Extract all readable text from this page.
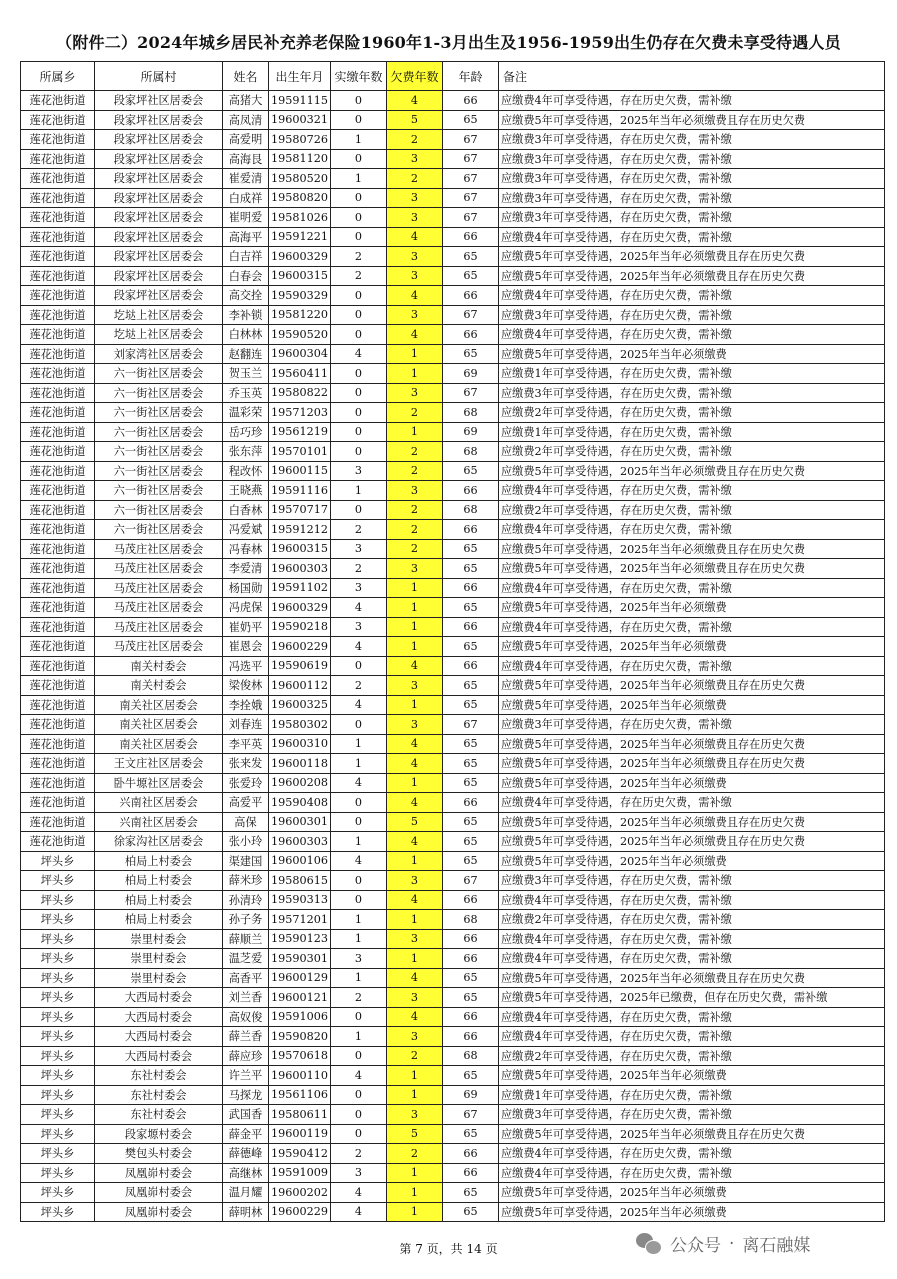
（附件二）2024年城乡居民补充养老保险1960年1-3月出生及1956-1959出生仍存在欠费未享受待遇人员
所属乡	所属村	姓名	出生年月	实缴年数	欠费年数	年龄	备注
莲花池街道	段家坪社区居委会	高猪大	19591115	0	4	66	应缴费4年可享受待遇，存在历史欠费，需补缴
莲花池街道	段家坪社区居委会	高凤清	19600321	0	5	65	应缴费5年可享受待遇，2025年当年必须缴费且存在历史欠费
莲花池街道	段家坪社区居委会	高爱明	19580726	1	2	67	应缴费3年可享受待遇，存在历史欠费，需补缴
莲花池街道	段家坪社区居委会	高海艮	19581120	0	3	67	应缴费3年可享受待遇，存在历史欠费，需补缴
莲花池街道	段家坪社区居委会	崔爱清	19580520	1	2	67	应缴费3年可享受待遇，存在历史欠费，需补缴
莲花池街道	段家坪社区居委会	白成祥	19580820	0	3	67	应缴费3年可享受待遇，存在历史欠费，需补缴
莲花池街道	段家坪社区居委会	崔明爱	19581026	0	3	67	应缴费3年可享受待遇，存在历史欠费，需补缴
莲花池街道	段家坪社区居委会	高海平	19591221	0	4	66	应缴费4年可享受待遇，存在历史欠费，需补缴
莲花池街道	段家坪社区居委会	白吉祥	19600329	2	3	65	应缴费5年可享受待遇，2025年当年必须缴费且存在历史欠费
莲花池街道	段家坪社区居委会	白春会	19600315	2	3	65	应缴费5年可享受待遇，2025年当年必须缴费且存在历史欠费
莲花池街道	段家坪社区居委会	高交拴	19590329	0	4	66	应缴费4年可享受待遇，存在历史欠费，需补缴
莲花池街道	圪垯上社区居委会	李补锁	19581220	0	3	67	应缴费3年可享受待遇，存在历史欠费，需补缴
莲花池街道	圪垯上社区居委会	白林林	19590520	0	4	66	应缴费4年可享受待遇，存在历史欠费，需补缴
莲花池街道	刘家湾社区居委会	赵翻连	19600304	4	1	65	应缴费5年可享受待遇，2025年当年必须缴费
莲花池街道	六一街社区居委会	贺玉兰	19560411	0	1	69	应缴费1年可享受待遇，存在历史欠费，需补缴
莲花池街道	六一街社区居委会	乔玉英	19580822	0	3	67	应缴费3年可享受待遇，存在历史欠费，需补缴
莲花池街道	六一街社区居委会	温彩荣	19571203	0	2	68	应缴费2年可享受待遇，存在历史欠费，需补缴
莲花池街道	六一街社区居委会	岳巧珍	19561219	0	1	69	应缴费1年可享受待遇，存在历史欠费，需补缴
莲花池街道	六一街社区居委会	张东萍	19570101	0	2	68	应缴费2年可享受待遇，存在历史欠费，需补缴
莲花池街道	六一街社区居委会	程改怀	19600115	3	2	65	应缴费5年可享受待遇，2025年当年必须缴费且存在历史欠费
莲花池街道	六一街社区居委会	王晓燕	19591116	1	3	66	应缴费4年可享受待遇，存在历史欠费，需补缴
莲花池街道	六一街社区居委会	白香林	19570717	0	2	68	应缴费2年可享受待遇，存在历史欠费，需补缴
莲花池街道	六一街社区居委会	冯爱斌	19591212	2	2	66	应缴费4年可享受待遇，存在历史欠费，需补缴
莲花池街道	马茂庄社区居委会	冯春林	19600315	3	2	65	应缴费5年可享受待遇，2025年当年必须缴费且存在历史欠费
莲花池街道	马茂庄社区居委会	李爱清	19600303	2	3	65	应缴费5年可享受待遇，2025年当年必须缴费且存在历史欠费
莲花池街道	马茂庄社区居委会	杨国勋	19591102	3	1	66	应缴费4年可享受待遇，存在历史欠费，需补缴
莲花池街道	马茂庄社区居委会	冯虎保	19600329	4	1	65	应缴费5年可享受待遇，2025年当年必须缴费
莲花池街道	马茂庄社区居委会	崔奶平	19590218	3	1	66	应缴费4年可享受待遇，存在历史欠费，需补缴
莲花池街道	马茂庄社区居委会	崔恩会	19600229	4	1	65	应缴费5年可享受待遇，2025年当年必须缴费
莲花池街道	南关村委会	冯选平	19590619	0	4	66	应缴费4年可享受待遇，存在历史欠费，需补缴
莲花池街道	南关村委会	梁俊林	19600112	2	3	65	应缴费5年可享受待遇，2025年当年必须缴费且存在历史欠费
莲花池街道	南关社区居委会	李拴娥	19600325	4	1	65	应缴费5年可享受待遇，2025年当年必须缴费
莲花池街道	南关社区居委会	刘春连	19580302	0	3	67	应缴费3年可享受待遇，存在历史欠费，需补缴
莲花池街道	南关社区居委会	李平英	19600310	1	4	65	应缴费5年可享受待遇，2025年当年必须缴费且存在历史欠费
莲花池街道	王文庄社区居委会	张来发	19600118	1	4	65	应缴费5年可享受待遇，2025年当年必须缴费且存在历史欠费
莲花池街道	卧牛塬社区居委会	张爱玲	19600208	4	1	65	应缴费5年可享受待遇，2025年当年必须缴费
莲花池街道	兴南社区居委会	高爱平	19590408	0	4	66	应缴费4年可享受待遇，存在历史欠费，需补缴
莲花池街道	兴南社区居委会	高保	19600301	0	5	65	应缴费5年可享受待遇，2025年当年必须缴费且存在历史欠费
莲花池街道	徐家沟社区居委会	张小玲	19600303	1	4	65	应缴费5年可享受待遇，2025年当年必须缴费且存在历史欠费
坪头乡	柏局上村委会	渠建国	19600106	4	1	65	应缴费5年可享受待遇，2025年当年必须缴费
坪头乡	柏局上村委会	薛米珍	19580615	0	3	67	应缴费3年可享受待遇，存在历史欠费，需补缴
坪头乡	柏局上村委会	孙清玲	19590313	0	4	66	应缴费4年可享受待遇，存在历史欠费，需补缴
坪头乡	柏局上村委会	孙子务	19571201	1	1	68	应缴费2年可享受待遇，存在历史欠费，需补缴
坪头乡	崇里村委会	薛顺兰	19590123	1	3	66	应缴费4年可享受待遇，存在历史欠费，需补缴
坪头乡	崇里村委会	温芝爱	19590301	3	1	66	应缴费4年可享受待遇，存在历史欠费，需补缴
坪头乡	崇里村委会	高香平	19600129	1	4	65	应缴费5年可享受待遇，2025年当年必须缴费且存在历史欠费
坪头乡	大西局村委会	刘兰香	19600121	2	3	65	应缴费5年可享受待遇，2025年已缴费，但存在历史欠费，需补缴
坪头乡	大西局村委会	高奴俊	19591006	0	4	66	应缴费4年可享受待遇，存在历史欠费，需补缴
坪头乡	大西局村委会	薛兰香	19590820	1	3	66	应缴费4年可享受待遇，存在历史欠费，需补缴
坪头乡	大西局村委会	薛应珍	19570618	0	2	68	应缴费2年可享受待遇，存在历史欠费，需补缴
坪头乡	东社村委会	许兰平	19600110	4	1	65	应缴费5年可享受待遇，2025年当年必须缴费
坪头乡	东社村委会	马探龙	19561106	0	1	69	应缴费1年可享受待遇，存在历史欠费，需补缴
坪头乡	东社村委会	武国香	19580611	0	3	67	应缴费3年可享受待遇，存在历史欠费，需补缴
坪头乡	段家塬村委会	薛金平	19600119	0	5	65	应缴费5年可享受待遇，2025年当年必须缴费且存在历史欠费
坪头乡	樊包头村委会	薛德峰	19590412	2	2	66	应缴费4年可享受待遇，存在历史欠费，需补缴
坪头乡	凤凰峁村委会	高继林	19591009	3	1	66	应缴费4年可享受待遇，存在历史欠费，需补缴
坪头乡	凤凰峁村委会	温月耀	19600202	4	1	65	应缴费5年可享受待遇，2025年当年必须缴费
坪头乡	凤凰峁村委会	薛明林	19600229	4	1	65	应缴费5年可享受待遇，2025年当年必须缴费
第 7 页，共 14 页	公众号 · 离石融媒
